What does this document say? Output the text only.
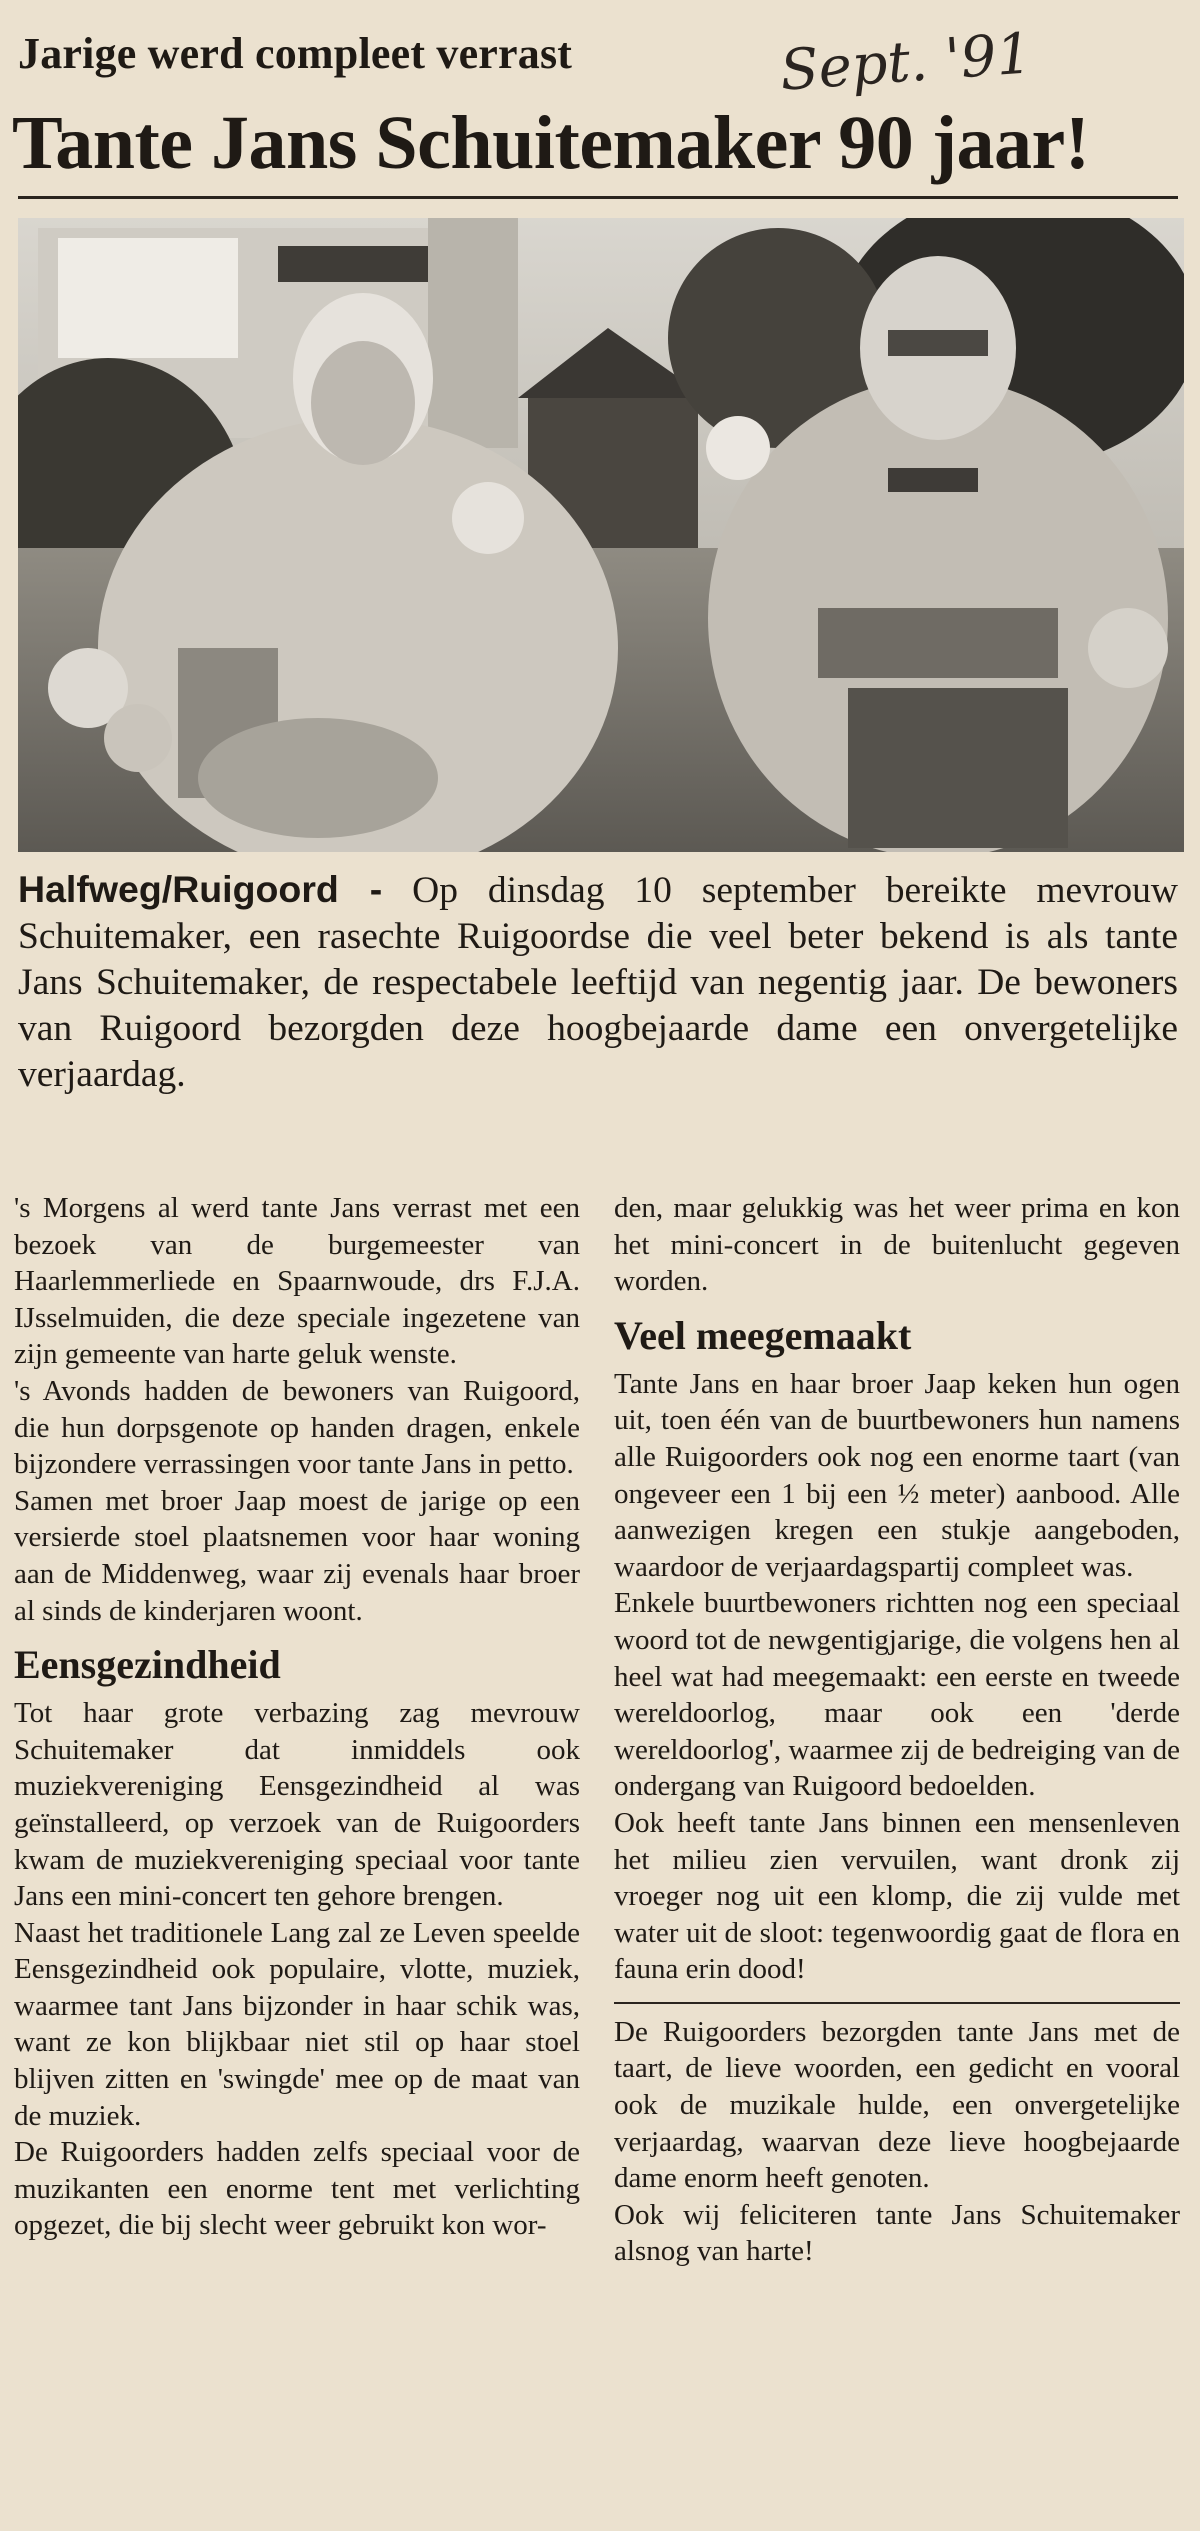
Jarige werd compleet verrast	Sept. '91
Tante Jans Schuitemaker 90 jaar!
Halfweg/Ruigoord - Op dinsdag 10 september bereikte mevrouw Schuitemaker, een rasechte Ruigoordse die veel beter bekend is als tante Jans Schuitemaker, de respectabele leeftijd van negentig jaar. De bewoners van Ruigoord bezorgden deze hoogbejaarde dame een onvergetelijke verjaardag.

's Morgens al werd tante Jans verrast met een bezoek van de burgemeester van Haarlemmerliede en Spaarnwoude, drs F.J.A. IJsselmuiden, die deze speciale ingezetene van zijn gemeente van harte geluk wenste.

's Avonds hadden de bewoners van Ruigoord, die hun dorpsgenote op handen dragen, enkele bijzondere verrassingen voor tante Jans in petto.

Samen met broer Jaap moest de jarige op een versierde stoel plaatsnemen voor haar woning aan de Middenweg, waar zij evenals haar broer al sinds de kinderjaren woont.

Eensgezindheid

Tot haar grote verbazing zag mevrouw Schuitemaker dat inmiddels ook muziekvereniging Eensgezindheid al was geïnstalleerd, op verzoek van de Ruigoorders kwam de muziekvereniging speciaal voor tante Jans een mini-concert ten gehore brengen.

Naast het traditionele Lang zal ze Leven speelde Eensgezindheid ook populaire, vlotte, muziek, waarmee tant Jans bijzonder in haar schik was, want ze kon blijkbaar niet stil op haar stoel blijven zitten en 'swingde' mee op de maat van de muziek.

De Ruigoorders hadden zelfs speciaal voor de muzikanten een enorme tent met verlichting opgezet, die bij slecht weer gebruikt kon wor-

den, maar gelukkig was het weer prima en kon het mini-concert in de buitenlucht gegeven worden.

Veel meegemaakt

Tante Jans en haar broer Jaap keken hun ogen uit, toen één van de buurtbewoners hun namens alle Ruigoorders ook nog een enorme taart (van ongeveer een 1 bij een ½ meter) aanbood. Alle aanwezigen kregen een stukje aangeboden, waardoor de verjaardagspartij compleet was.

Enkele buurtbewoners richtten nog een speciaal woord tot de newgentigjarige, die volgens hen al heel wat had meegemaakt: een eerste en tweede wereldoorlog, maar ook een 'derde wereldoorlog', waarmee zij de bedreiging van de ondergang van Ruigoord bedoelden.

Ook heeft tante Jans binnen een mensenleven het milieu zien vervuilen, want dronk zij vroeger nog uit een klomp, die zij vulde met water uit de sloot: tegenwoordig gaat de flora en fauna erin dood!

De Ruigoorders bezorgden tante Jans met de taart, de lieve woorden, een gedicht en vooral ook de muzikale hulde, een onvergetelijke verjaardag, waarvan deze lieve hoogbejaarde dame enorm heeft genoten.

Ook wij feliciteren tante Jans Schuitemaker alsnog van harte!
